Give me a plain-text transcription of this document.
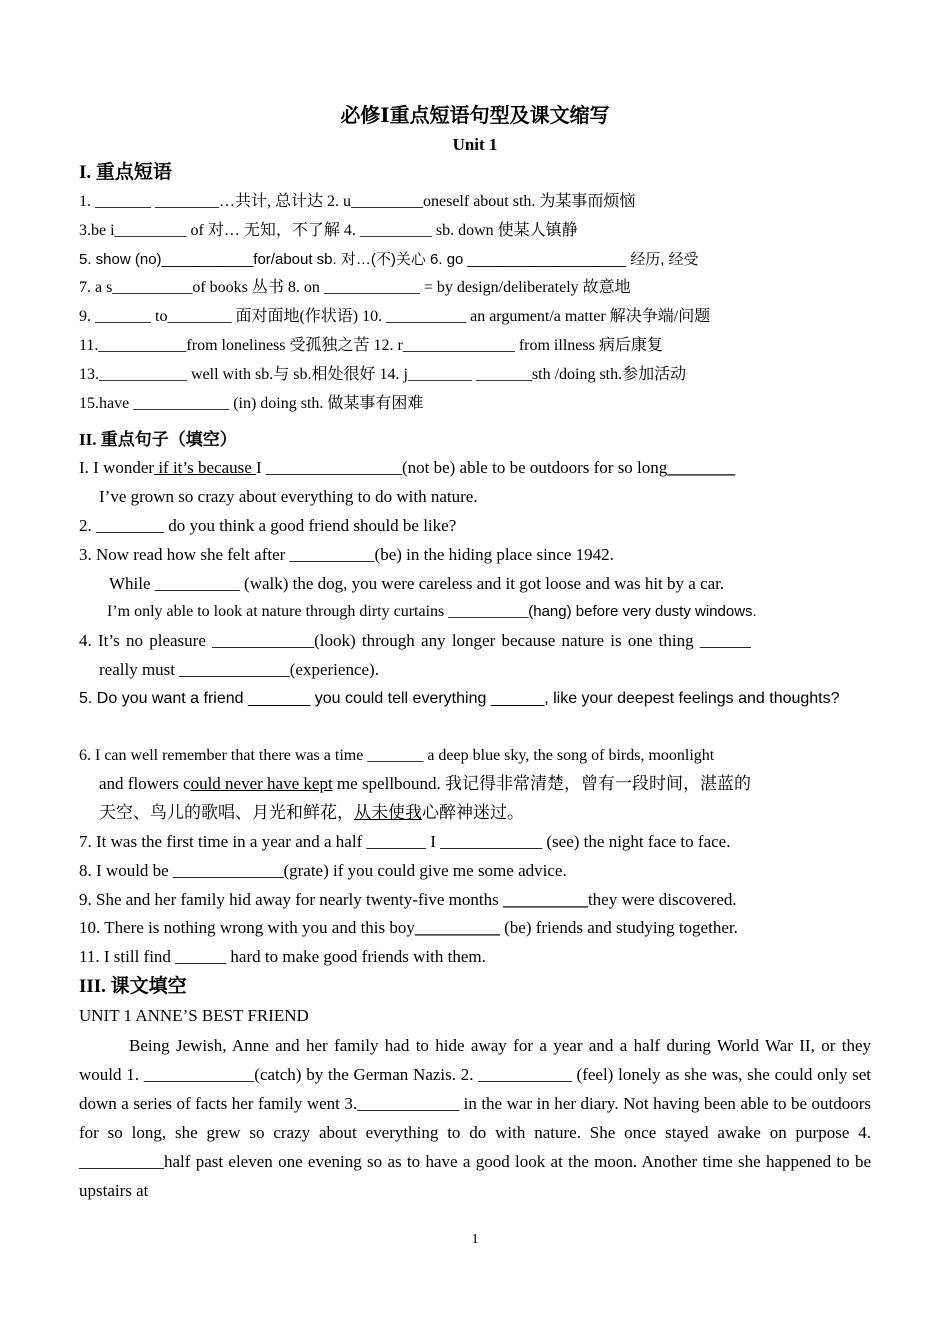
必修Ⅰ重点短语句型及课文缩写
Unit 1
I. 重点短语
1. _______ ________…共计, 总计达 2. u_________oneself about sth. 为某事而烦恼
3.be i_________ of 对… 无知，不了解 4. _________ sb. down 使某人镇静
5. show (no)___________for/about sb. 对…(不)关心 6. go ___________________ 经历, 经受
7. a s__________of books 丛书 8. on ____________ = by design/deliberately 故意地
9. _______ to________ 面对面地(作状语) 10. __________ an argument/a matter 解决争端/问题
11.___________from loneliness 受孤独之苦 12. r______________ from illness 病后康复
13.___________ well with sb.与 sb.相处很好 14. j________ _______sth /doing sth.参加活动
15.have ____________ (in) doing sth. 做某事有困难
II. 重点句子（填空）
I. I wonder if it’s because I ________________(not be) able to be outdoors for so long________
I’ve grown so crazy about everything to do with nature.
2. ________ do you think a good friend should be like?
3. Now read how she felt after __________(be) in the hiding place since 1942.
While __________ (walk) the dog, you were careless and it got loose and was hit by a car.
I’m only able to look at nature through dirty curtains __________(hang) before very dusty windows.
4. It’s no pleasure ____________(look) through any longer because nature is one thing ______
really must _____________(experience).
5. Do you want a friend _______ you could tell everything ______, like your deepest feelings and thoughts?
6. I can well remember that there was a time _______ a deep blue sky, the song of birds, moonlight
and flowers could never have kept me spellbound. 我记得非常清楚，曾有一段时间，湛蓝的
天空、鸟儿的歌唱、月光和鲜花，从未使我心醉神迷过。
7. It was the first time in a year and a half _______ I ____________ (see) the night face to face.
8. I would be _____________(grate) if you could give me some advice.
9. She and her family hid away for nearly twenty-five months __________they were discovered.
10. There is nothing wrong with you and this boy__________ (be) friends and studying together.
11. I still find ______ hard to make good friends with them.
III. 课文填空
UNIT 1 ANNE’S BEST FRIEND
Being Jewish, Anne and her family had to hide away for a year and a half during World War II, or they would 1. _____________(catch) by the German Nazis. 2. ___________ (feel) lonely as she was, she could only set down a series of facts her family went 3.____________ in the war in her diary. Not having been able to be outdoors for so long, she grew so crazy about everything to do with nature. She once stayed awake on purpose 4. __________half past eleven one evening so as to have a good look at the moon. Another time she happened to be upstairs at
1
